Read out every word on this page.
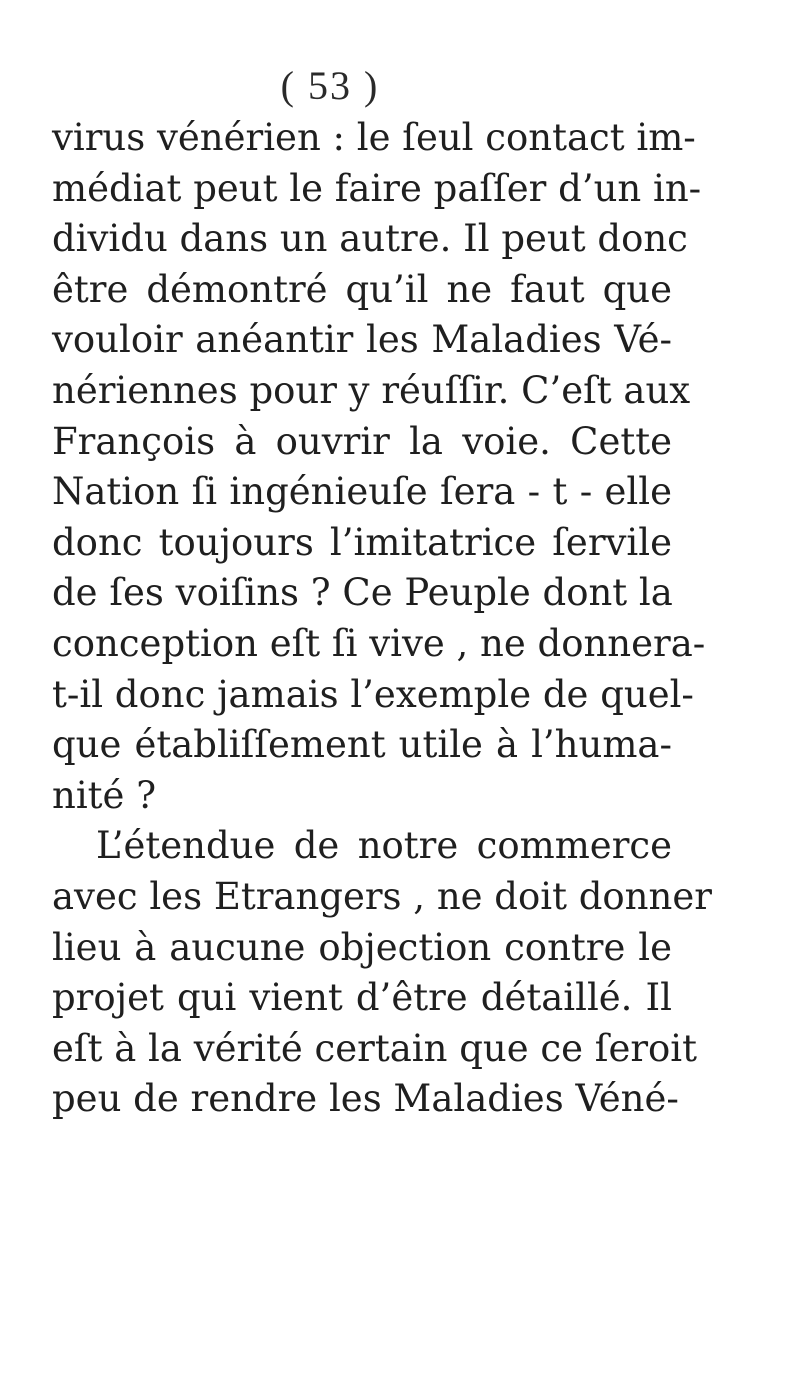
( 53 )
virus vénérien : le ſeul contact im-
médiat peut le faire paſſer d’un in-
dividu dans un autre. Il peut donc
être démontré qu’il ne faut que
vouloir anéantir les Maladies Vé-
nériennes pour y réuſſir. C’eſt aux
François à ouvrir la voie. Cette
Nation ſi ingénieuſe ſera - t - elle
donc toujours l’imitatrice ſervile
de ſes voiſins ? Ce Peuple dont la
conception eſt ſi vive , ne donnera-
t-il donc jamais l’exemple de quel-
que établiſſement utile à l’huma-
nité ?
L’étendue de notre commerce
avec les Etrangers , ne doit donner
lieu à aucune objection contre le
projet qui vient d’être détaillé. Il
eſt à la vérité certain que ce ſeroit
peu de rendre les Maladies Véné-
